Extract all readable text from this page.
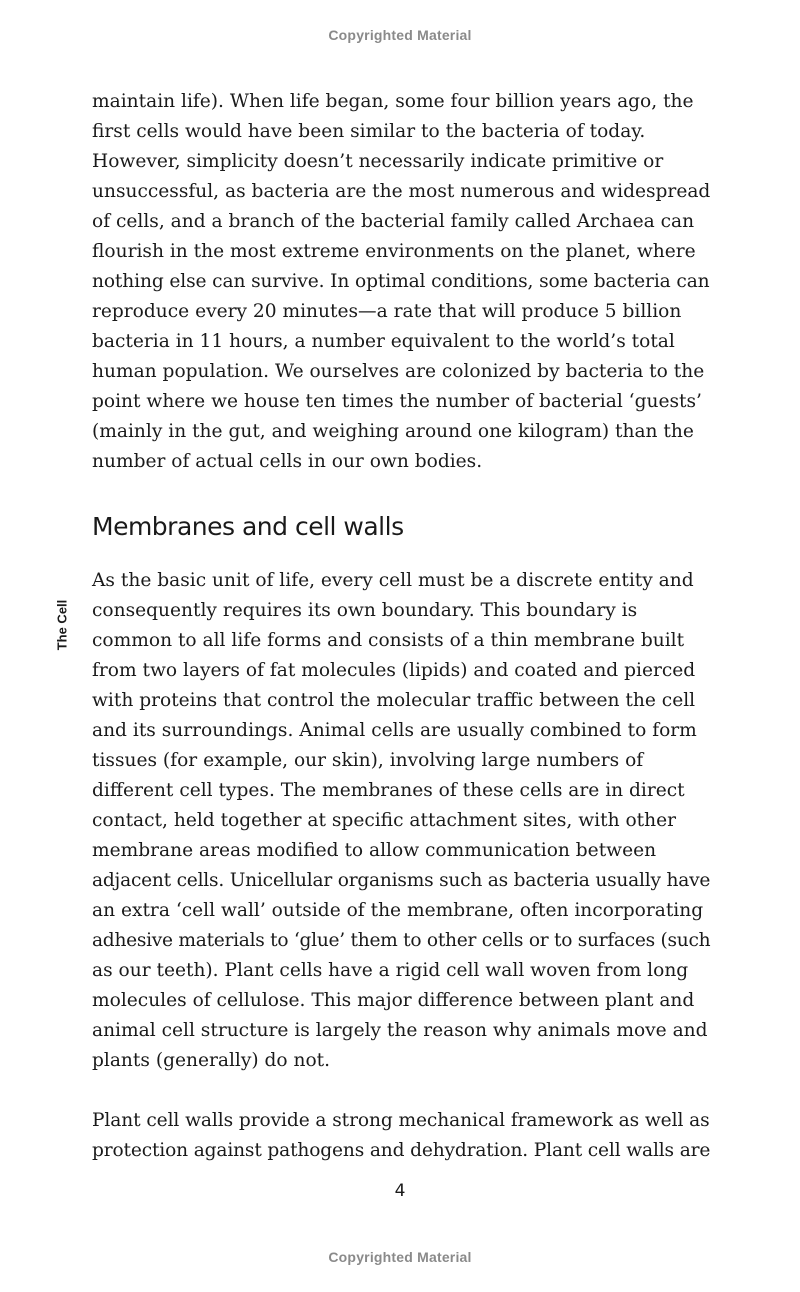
Copyrighted Material
The Cell

maintain life). When life began, some four billion years ago, the
first cells would have been similar to the bacteria of today.
However, simplicity doesn’t necessarily indicate primitive or
unsuccessful, as bacteria are the most numerous and widespread
of cells, and a branch of the bacterial family called Archaea can
flourish in the most extreme environments on the planet, where
nothing else can survive. In optimal conditions, some bacteria can
reproduce every 20 minutes—a rate that will produce 5 billion
bacteria in 11 hours, a number equivalent to the world’s total
human population. We ourselves are colonized by bacteria to the
point where we house ten times the number of bacterial ‘guests’
(mainly in the gut, and weighing around one kilogram) than the
number of actual cells in our own bodies.

Membranes and cell walls

As the basic unit of life, every cell must be a discrete entity and
consequently requires its own boundary. This boundary is
common to all life forms and consists of a thin membrane built
from two layers of fat molecules (lipids) and coated and pierced
with proteins that control the molecular traffic between the cell
and its surroundings. Animal cells are usually combined to form
tissues (for example, our skin), involving large numbers of
different cell types. The membranes of these cells are in direct
contact, held together at specific attachment sites, with other
membrane areas modified to allow communication between
adjacent cells. Unicellular organisms such as bacteria usually have
an extra ‘cell wall’ outside of the membrane, often incorporating
adhesive materials to ‘glue’ them to other cells or to surfaces (such
as our teeth). Plant cells have a rigid cell wall woven from long
molecules of cellulose. This major difference between plant and
animal cell structure is largely the reason why animals move and
plants (generally) do not.

Plant cell walls provide a strong mechanical framework as well as
protection against pathogens and dehydration. Plant cell walls are

4
Copyrighted Material
